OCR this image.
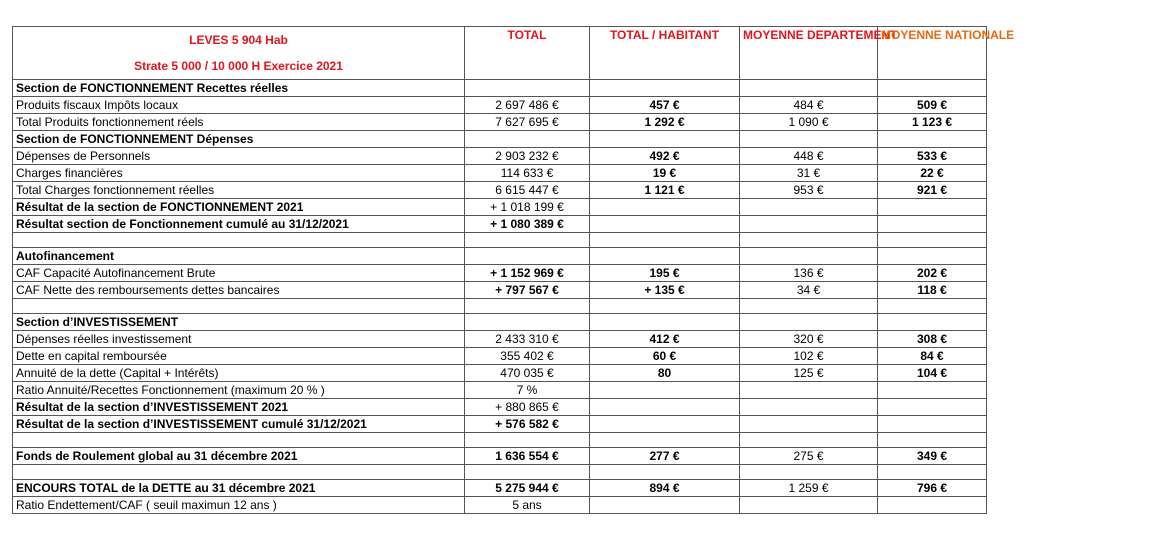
LEVES 5 904 Hab
Strate 5 000 / 10 000 H Exercice 2021	TOTAL	TOTAL / HABITANT	MOYENNE DEPARTEMENT	MOYENNE NATIONALE
Section de FONCTIONNEMENT Recettes réelles				
Produits fiscaux Impôts locaux	2 697 486 €	457 €	484 €	509 €
Total Produits fonctionnement réels	7 627 695 €	1 292 €	1 090 €	1 123 €
Section de FONCTIONNEMENT Dépenses				
Dépenses de Personnels	2 903 232 €	492 €	448 €	533 €
Charges financières	114 633 €	19 €	31 €	22 €
Total Charges fonctionnement réelles	6 615 447 €	1 121 €	953 €	921 €
Résultat de la section de FONCTIONNEMENT 2021	+ 1 018 199 €			
Résultat section de Fonctionnement cumulé au 31/12/2021	+ 1 080 389 €			

Autofinancement				
CAF Capacité Autofinancement Brute	+ 1 152 969 €	195 €	136 €	202 €
CAF Nette des remboursements dettes bancaires	+ 797 567 €	+ 135 €	34 €	118 €

Section d’INVESTISSEMENT				
Dépenses réelles investissement	2 433 310 €	412 €	320 €	308 €
Dette en capital remboursée	355 402 €	60 €	102 €	84 €
Annuité de la dette (Capital + Intérêts)	470 035 €	80	125 €	104 €
Ratio Annuité/Recettes Fonctionnement (maximum 20 % )	7 %			
Résultat de la section d’INVESTISSEMENT 2021	+ 880 865 €			
Résultat de la section d’INVESTISSEMENT cumulé 31/12/2021	+ 576 582 €			

Fonds de Roulement global au 31 décembre 2021	1 636 554 €	277 €	275 €	349 €

ENCOURS TOTAL de la DETTE au 31 décembre 2021	5 275 944 €	894 €	1 259 €	796 €
Ratio Endettement/CAF ( seuil maximun 12 ans )	5 ans			
